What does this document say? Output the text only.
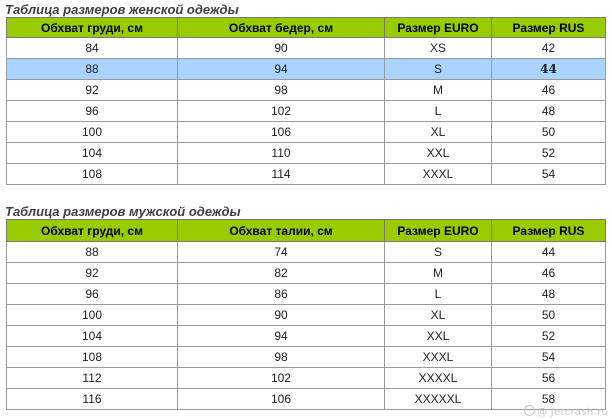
Таблица размеров женской одежды
Обхват груди, см	Обхват бедер, см	Размер EURO	Размер RUS
84	90	XS	42
88	94	S	44
92	98	M	46
96	102	L	48
100	106	XL	50
104	110	XXL	52
108	114	XXXL	54
Таблица размеров мужской одежды
Обхват груди, см	Обхват талии, см	Размер EURO	Размер RUS
88	74	S	44
92	82	M	46
96	86	L	48
100	90	XL	50
104	94	XXL	52
108	98	XXXL	54
112	102	XXXXL	56
116	106	XXXXXL	58
@ Jetcrash.ru
